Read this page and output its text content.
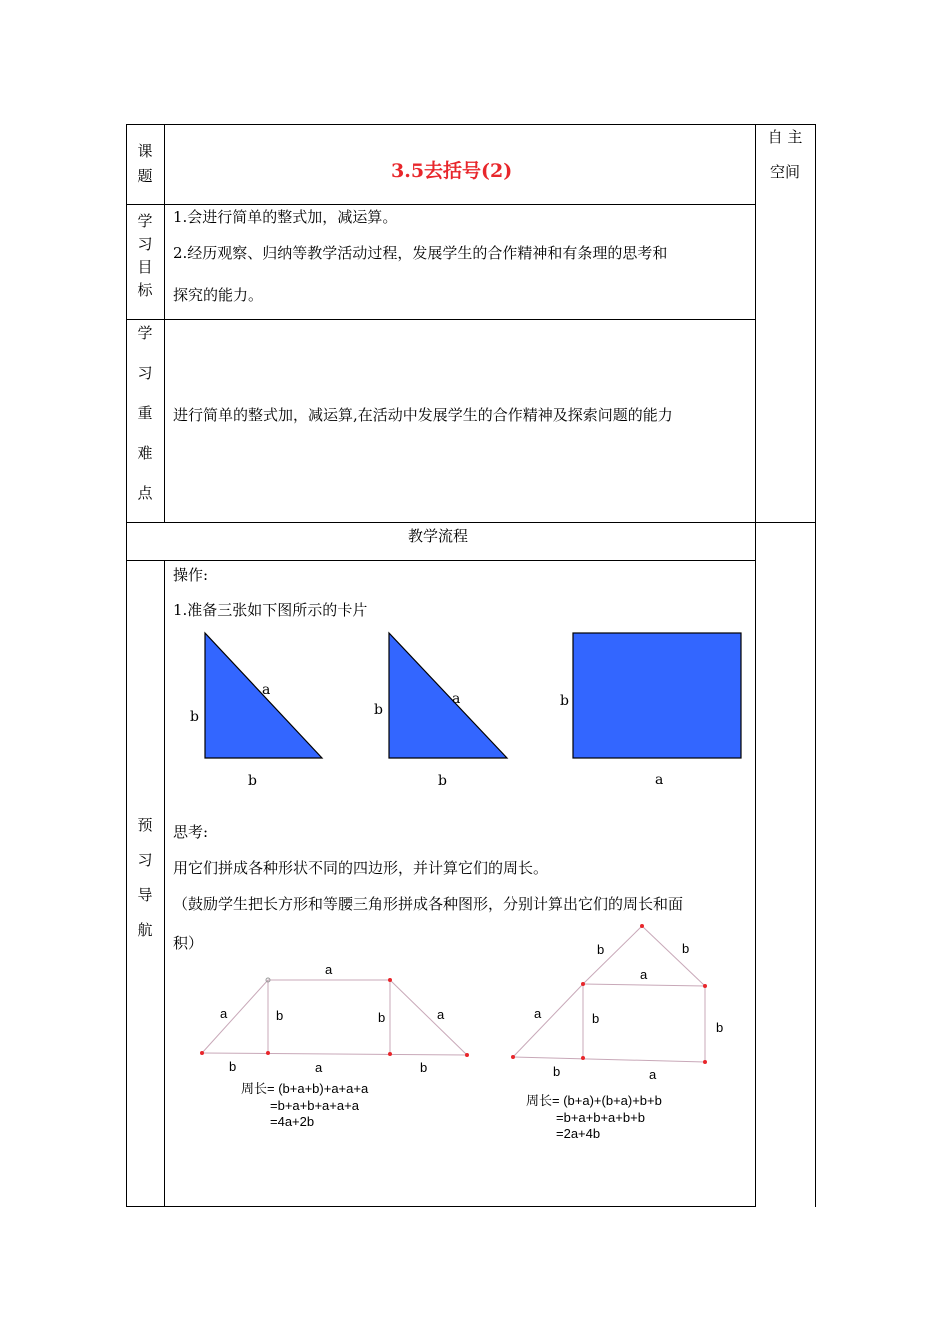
课
题	3.5去括号(2)
自 主
空间
学
习
目
标
1.会进行简单的整式加，减运算。
2.经历观察、归纳等教学活动过程，发展学生的合作精神和有条理的思考和
探究的能力。
学
习
重
难
点
进行简单的整式加，减运算,在活动中发展学生的合作精神及探索问题的能力
教学流程
预
习
导
航
操作:
1.准备三张如下图所示的卡片
a
b
b
a
b
b
b
a
思考:
用它们拼成各种形状不同的四边形，并计算它们的周长。
（鼓励学生把长方形和等腰三角形拼成各种图形，分别计算出它们的周长和面
积）
a
a	b	b	a
b	a	b
周长= (b+a+b)+a+a+a
=b+a+b+a+a+a
=4a+2b
b	b
a
a	b
b
b	a
周长= (b+a)+(b+a)+b+b
=b+a+b+a+b+b
=2a+4b
